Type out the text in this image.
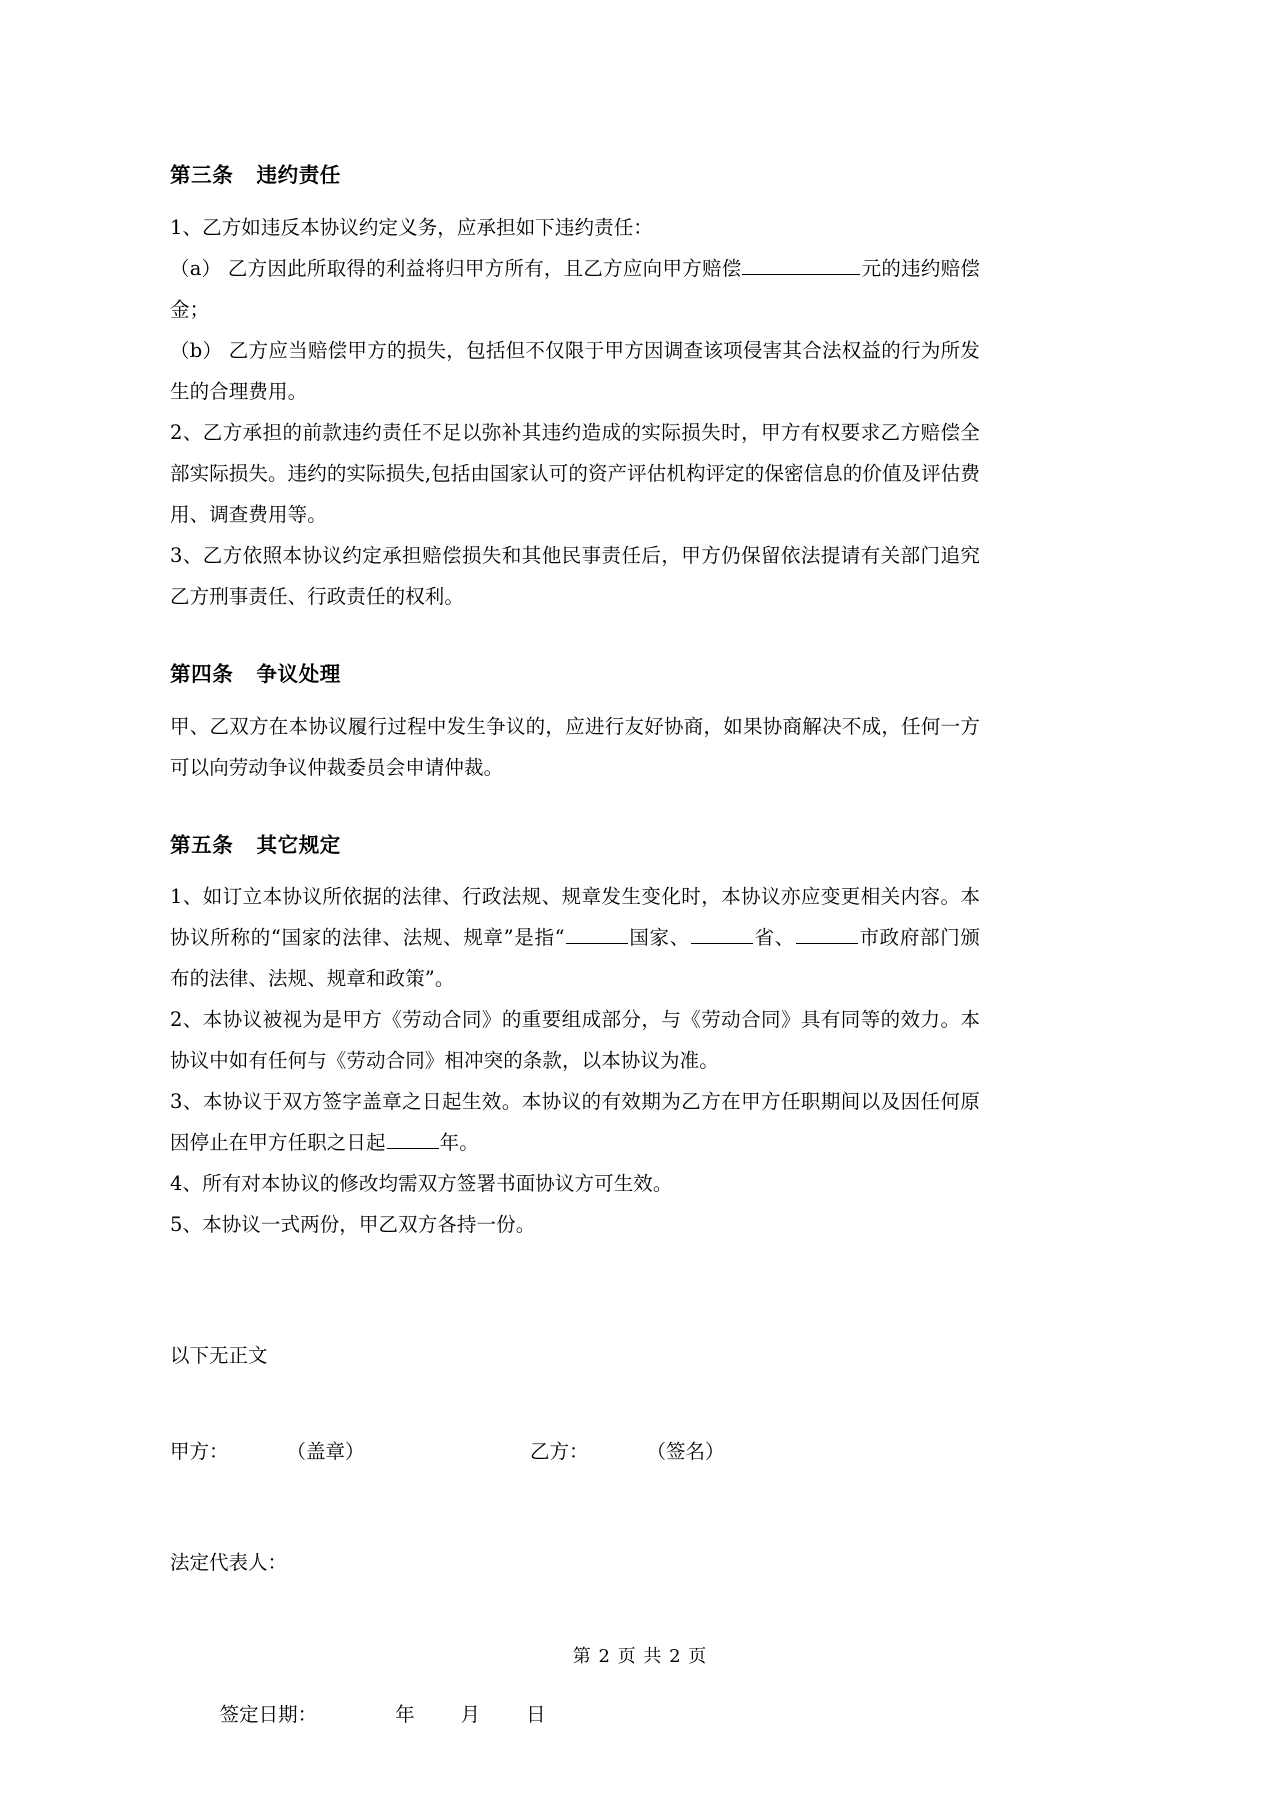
第三条   违约责任

1、乙方如违反本协议约定义务，应承担如下违约责任：

（a） 乙方因此所取得的利益将归甲方所有，且乙方应向甲方赔偿	元的违约赔偿金；

（b） 乙方应当赔偿甲方的损失，包括但不仅限于甲方因调查该项侵害其合法权益的行为所发生的合理费用。

2、乙方承担的前款违约责任不足以弥补其违约造成的实际损失时，甲方有权要求乙方赔偿全部实际损失。违约的实际损失,包括由国家认可的资产评估机构评定的保密信息的价值及评估费用、调查费用等。

3、乙方依照本协议约定承担赔偿损失和其他民事责任后，甲方仍保留依法提请有关部门追究乙方刑事责任、行政责任的权利。

第四条   争议处理

甲、乙双方在本协议履行过程中发生争议的，应进行友好协商，如果协商解决不成，任何一方可以向劳动争议仲裁委员会申请仲裁。

第五条   其它规定

1、如订立本协议所依据的法律、行政法规、规章发生变化时，本协议亦应变更相关内容。本协议所称的“国家的法律、法规、规章”是指“	国家、	省、	市政府部门颁布的法律、法规、规章和政策”。

2、本协议被视为是甲方《劳动合同》的重要组成部分，与《劳动合同》具有同等的效力。本协议中如有任何与《劳动合同》相冲突的条款，以本协议为准。

3、本协议于双方签字盖章之日起生效。本协议的有效期为乙方在甲方任职期间以及因任何原因停止在甲方任职之日起	年。

4、所有对本协议的修改均需双方签署书面协议方可生效。

5、本协议一式两份，甲乙双方各持一份。

以下无正文

甲方：	（盖章）	乙方：	（签名）
法定代表人：

签定日期：	年 月 日

第 2 页 共 2 页
